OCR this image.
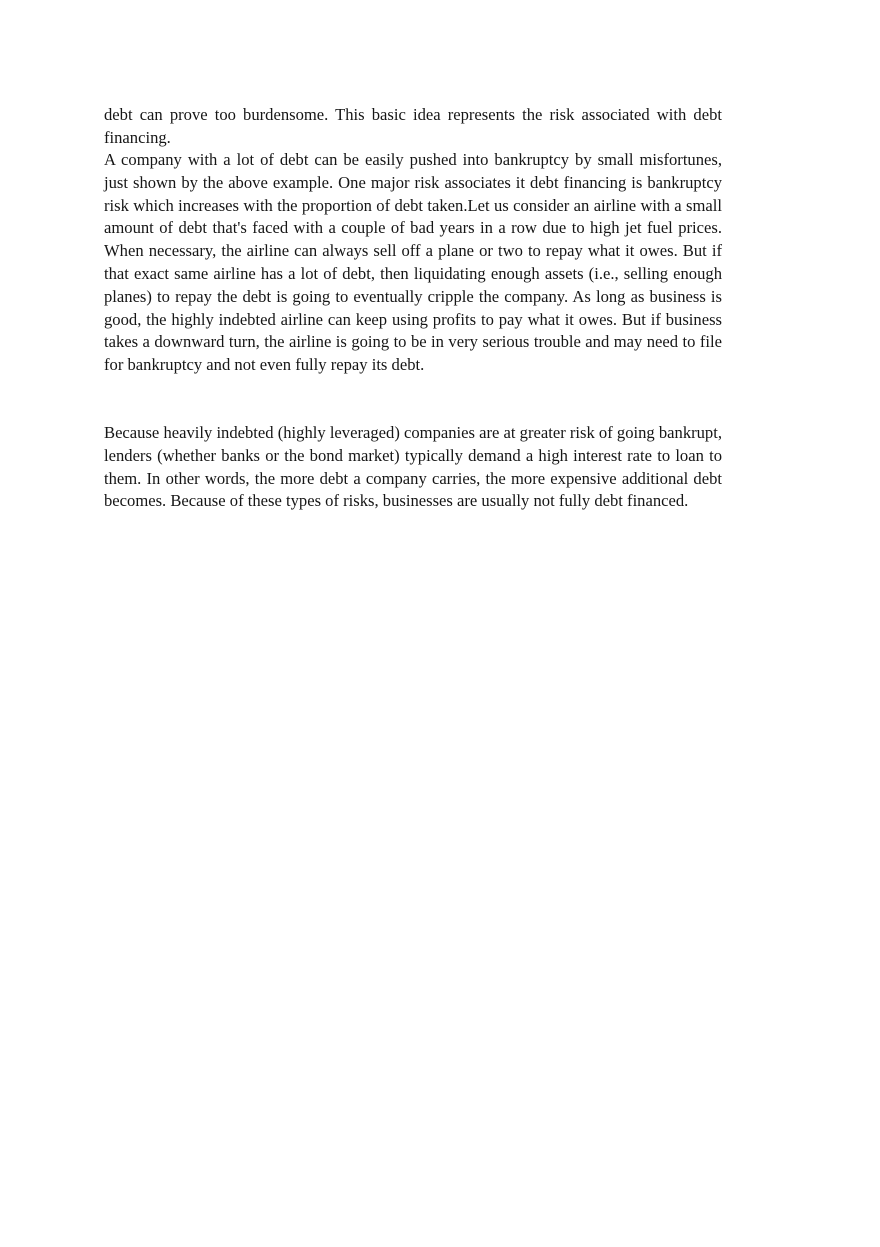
debt can prove too burdensome. This basic idea represents the risk associated with debt financing.

A company with a lot of debt can be easily pushed into bankruptcy by small misfortunes, just shown by the above example. One major risk associates it debt financing is bankruptcy risk which increases with the proportion of debt taken.Let us consider an airline with a small amount of debt that's faced with a couple of bad years in a row due to high jet fuel prices. When necessary, the airline can always sell off a plane or two to repay what it owes. But if that exact same airline has a lot of debt, then liquidating enough assets (i.e., selling enough planes) to repay the debt is going to eventually cripple the company. As long as business is good, the highly indebted airline can keep using profits to pay what it owes. But if business takes a downward turn, the airline is going to be in very serious trouble and may need to file for bankruptcy and not even fully repay its debt.

Because heavily indebted (highly leveraged) companies are at greater risk of going bankrupt, lenders (whether banks or the bond market) typically demand a high interest rate to loan to them. In other words, the more debt a company carries, the more expensive additional debt becomes. Because of these types of risks, businesses are usually not fully debt financed.
